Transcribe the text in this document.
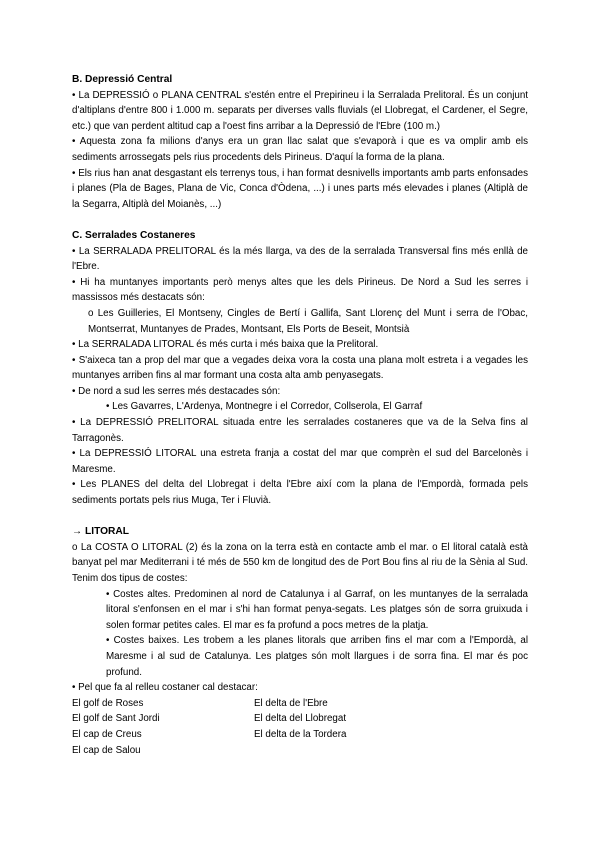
B. Depressió Central

• La DEPRESSIÓ o PLANA CENTRAL s'estén entre el Prepirineu i la Serralada Prelitoral. És un conjunt d'altiplans d'entre 800 i 1.000 m. separats per diverses valls fluvials (el Llobregat, el Cardener, el Segre, etc.) que van perdent altitud cap a l'oest fins arribar a la Depressió de l'Ebre (100 m.)

• Aquesta zona fa milions d'anys era un gran llac salat que s'evaporà i que es va omplir amb els sediments arrossegats pels rius procedents dels Pirineus. D'aquí la forma de la plana.

• Els rius han anat desgastant els terrenys tous, i han format desnivells importants amb parts enfonsades i planes (Pla de Bages, Plana de Vic, Conca d'Òdena, ...) i unes parts més elevades i planes (Altiplà de la Segarra, Altiplà del Moianès, ...)

C. Serralades Costaneres

• La SERRALADA PRELITORAL és la més llarga, va des de la serralada Transversal fins més enllà de l'Ebre.

• Hi ha muntanyes importants però menys altes que les dels Pirineus. De Nord a Sud les serres i massissos més destacats són:

o Les Guilleries, El Montseny, Cingles de Bertí i Gallifa, Sant Llorenç del Munt i serra de l'Obac, Montserrat, Muntanyes de Prades, Montsant, Els Ports de Beseit, Montsià

• La SERRALADA LITORAL és més curta i més baixa que la Prelitoral.

• S'aixeca tan a prop del mar que a vegades deixa vora la costa una plana molt estreta i a vegades les muntanyes arriben fins al mar formant una costa alta amb penyasegats.

• De nord a sud les serres més destacades són:

• Les Gavarres, L'Ardenya, Montnegre i el Corredor, Collserola, El Garraf

• La DEPRESSIÓ PRELITORAL situada entre les serralades costaneres que va de la Selva fins al Tarragonès.

• La DEPRESSIÓ LITORAL una estreta franja a costat del mar que comprèn el sud del Barcelonès i Maresme.

• Les PLANES del delta del Llobregat i delta l'Ebre així com la plana de l'Empordà, formada pels sediments portats pels rius Muga, Ter i Fluvià.

→ LITORAL

o La COSTA O LITORAL (2) és la zona on la terra està en contacte amb el mar. o El litoral català està banyat pel mar Mediterrani i té més de 550 km de longitud des de Port Bou fins al riu de la Sènia al Sud. Tenim dos tipus de costes:

• Costes altes. Predominen al nord de Catalunya i al Garraf, on les muntanyes de la serralada litoral s'enfonsen en el mar i s'hi han format penya-segats. Les platges són de sorra gruixuda i solen formar petites cales. El mar es fa profund a pocs metres de la platja.

• Costes baixes. Les trobem a les planes litorals que arriben fins el mar com a l'Empordà, al Maresme i al sud de Catalunya. Les platges són molt llargues i de sorra fina. El mar és poc profund.

• Pel que fa al relleu costaner cal destacar:

El golf de Roses	El delta de l'Ebre
El golf de Sant Jordi	El delta del Llobregat
El cap de Creus	El delta de la Tordera
El cap de Salou
